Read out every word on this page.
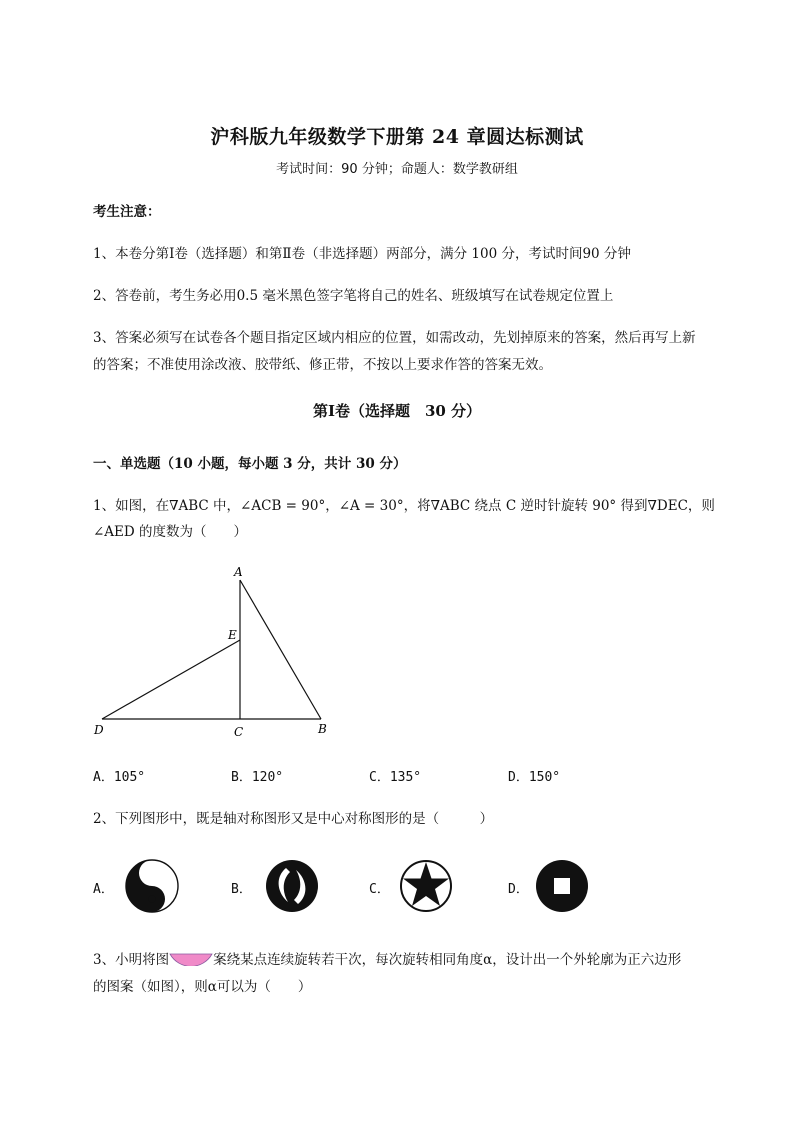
沪科版九年级数学下册第 24 章圆达标测试
考试时间：90 分钟；命题人：数学教研组
考生注意：
1、本卷分第Ⅰ卷（选择题）和第Ⅱ卷（非选择题）两部分，满分 100 分，考试时间90 分钟
2、答卷前，考生务必用0.5 毫米黑色签字笔将自己的姓名、班级填写在试卷规定位置上
3、答案必须写在试卷各个题目指定区域内相应的位置，如需改动，先划掉原来的答案，然后再写上新
的答案；不准使用涂改液、胶带纸、修正带，不按以上要求作答的答案无效。
第Ⅰ卷（选择题　30 分）
一、单选题（10 小题，每小题 3 分，共计 30 分）
1、如图，在∇ABC 中，∠ACB = 90°，∠A = 30°，将∇ABC 绕点 C 逆时针旋转 90° 得到∇DEC，则
∠AED 的度数为（　　）
A
E
D	C	B
A．105°	B．120°	C．135°	D．150°
2、下列图形中，既是轴对称图形又是中心对称图形的是（　　　）
A．	B．	C．	D．
3、小明将图	案绕某点连续旋转若干次，每次旋转相同角度α，设计出一个外轮廓为正六边形
的图案（如图），则α可以为（　　）
